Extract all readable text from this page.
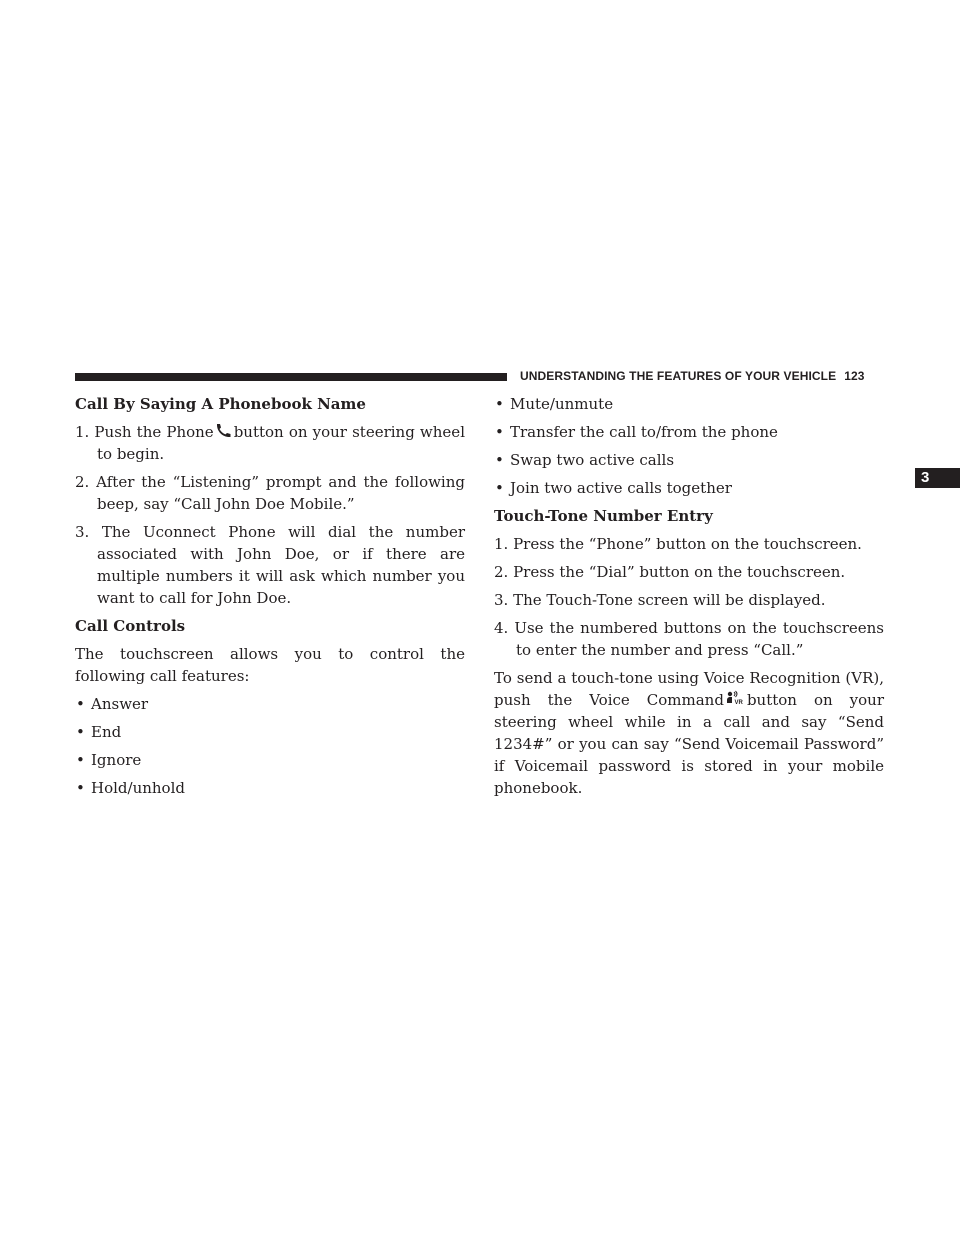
UNDERSTANDING THE FEATURES OF YOUR VEHICLE 123
3
Call By Saying A Phonebook Name
1. Push the Phone button on your steering wheel to begin.
2. After the “Listening” prompt and the following beep, say “Call John Doe Mobile.”
3. The Uconnect Phone will dial the number associated with John Doe, or if there are multiple numbers it will ask which number you want to call for John Doe.
Call Controls

The touchscreen allows you to control the following call features:

• Answer
• End
• Ignore
• Hold/unhold
• Mute/unmute
• Transfer the call to/from the phone
• Swap two active calls
• Join two active calls together
Touch-Tone Number Entry
1. Press the “Phone” button on the touchscreen.
2. Press the “Dial” button on the touchscreen.
3. The Touch-Tone screen will be displayed.
4. Use the numbered buttons on the touchscreens to enter the number and press “Call.”

To send a touch-tone using Voice Recognition (VR), push the Voice Command VR button on your steering wheel while in a call and say “Send 1234#” or you can say “Send Voicemail Password” if Voicemail password is stored in your mobile phonebook.
